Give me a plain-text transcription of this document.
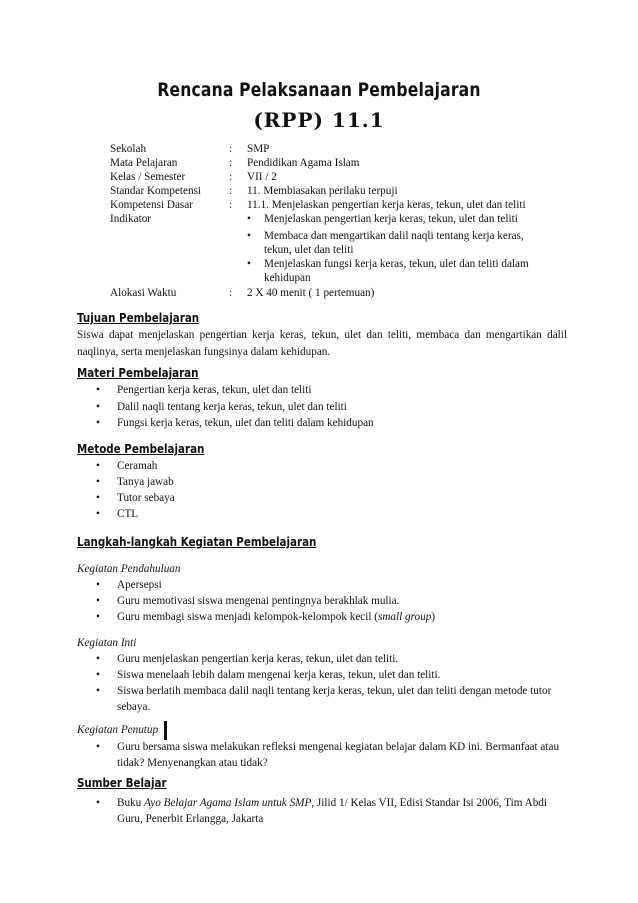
Rencana Pelaksanaan Pembelajaran
(RPP) 11.1
Sekolah	: SMP
Mata Pelajaran	: Pendidikan Agama Islam
Kelas / Semester	: VII / 2
Standar Kompetensi : 11. Membiasakan perilaku terpuji
Kompetensi Dasar	: 11.1. Menjelaskan pengertian kerja keras, tekun, ulet dan teliti
Indikator	• Menjelaskan pengertian kerja keras, tekun, ulet dan teliti
• Membaca dan mengartikan dalil naqli tentang kerja keras,
tekun, ulet dan teliti
• Menjelaskan fungsi kerja keras, tekun, ulet dan teliti dalam
kehidupan
Alokasi Waktu	: 2 X 40 menit ( 1 pertemuan)
Tujuan Pembelajaran
Siswa dapat menjelaskan pengertian kerja keras, tekun, ulet dan teliti, membaca dan mengartikan dalil naqlinya, serta menjelaskan fungsinya dalam kehidupan.
Materi Pembelajaran
• Pengertian kerja keras, tekun, ulet dan teliti
• Dalil naqli tentang kerja keras, tekun, ulet dan teliti
• Fungsi kerja keras, tekun, ulet dan teliti dalam kehidupan
Metode Pembelajaran
• Ceramah
• Tanya jawab
• Tutor sebaya
• CTL
Langkah-langkah Kegiatan Pembelajaran
Kegiatan Pendahuluan
• Apersepsi
• Guru memotivasi siswa mengenai pentingnya berakhlak mulia.
• Guru membagi siswa menjadi kelompok-kelompok kecil (small group)
Kegiatan Inti
• Guru menjelaskan pengertian kerja keras, tekun, ulet dan teliti.
• Siswa menelaah lebih dalam mengenai kerja keras, tekun, ulet dan teliti.
• Siswa berlatih membaca dalil naqli tentang kerja keras, tekun, ulet dan teliti dengan metode tutor sebaya.
Kegiatan Penutup
• Guru bersama siswa melakukan refleksi mengenai kegiatan belajar dalam KD ini. Bermanfaat atau tidak? Menyenangkan atau tidak?
Sumber Belajar
• Buku Ayo Belajar Agama Islam untuk SMP, Jilid 1/ Kelas VII, Edisi Standar Isi 2006, Tim Abdi Guru, Penerbit Erlangga, Jakarta
